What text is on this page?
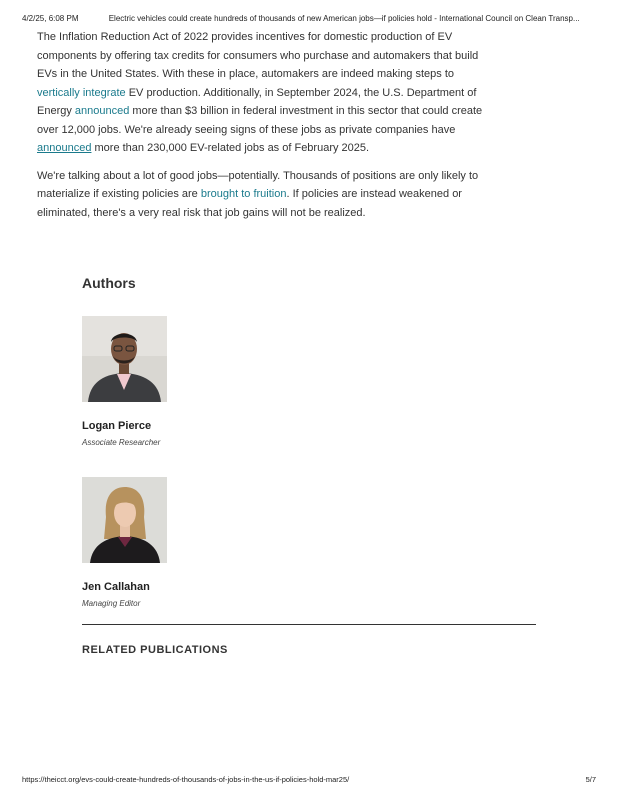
4/2/25, 6:08 PM	Electric vehicles could create hundreds of thousands of new American jobs—if policies hold - International Council on Clean Transp...

The Inflation Reduction Act of 2022 provides incentives for domestic production of EV components by offering tax credits for consumers who purchase and automakers that build EVs in the United States. With these in place, automakers are indeed making steps to vertically integrate EV production. Additionally, in September 2024, the U.S. Department of Energy announced more than $3 billion in federal investment in this sector that could create over 12,000 jobs. We're already seeing signs of these jobs as private companies have announced more than 230,000 EV-related jobs as of February 2025.

We're talking about a lot of good jobs—potentially. Thousands of positions are only likely to materialize if existing policies are brought to fruition. If policies are instead weakened or eliminated, there's a very real risk that job gains will not be realized.

Authors
Logan Pierce
Associate Researcher
Jen Callahan
Managing Editor
RELATED PUBLICATIONS
https://theicct.org/evs-could-create-hundreds-of-thousands-of-jobs-in-the-us-if-policies-hold-mar25/	5/7
